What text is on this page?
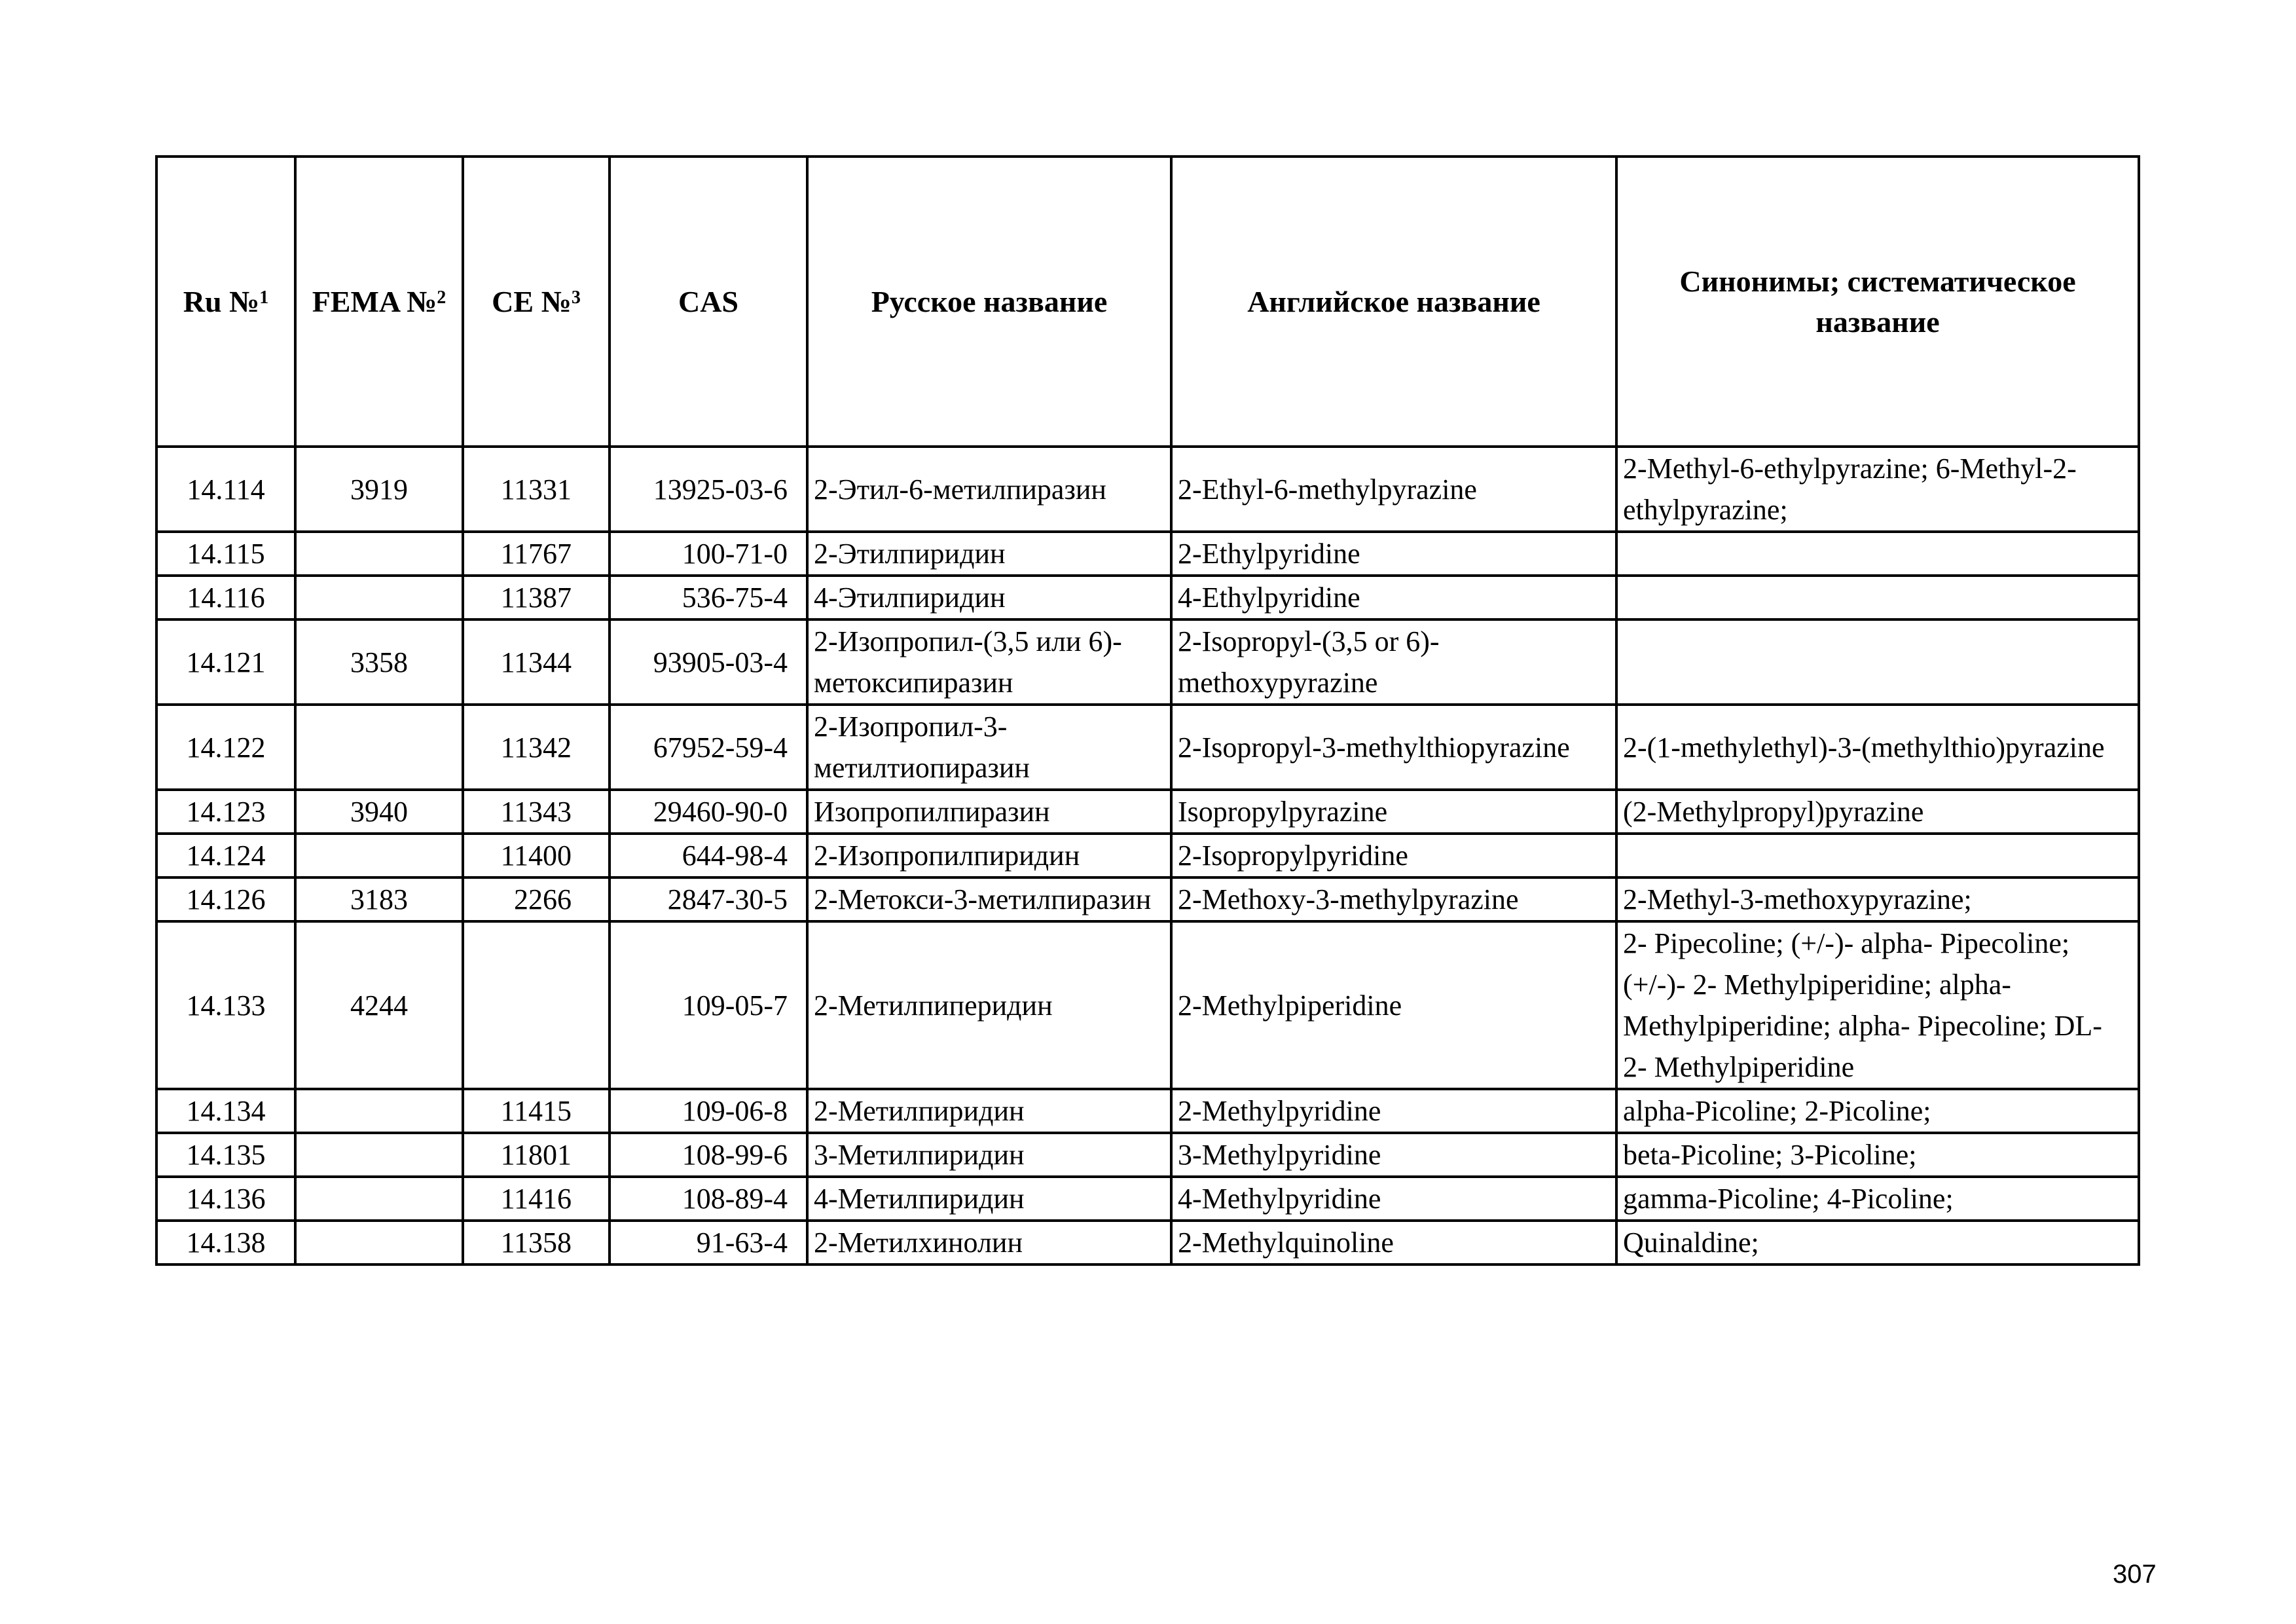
Ru №$^1$	FEMA №$^2$	CE №$^3$	CAS	Русское название	Английское название	Синонимы; систематическое название
14.114	3919	11331	13925-03-6	2-Этил-6-метилпиразин	2-Ethyl-6-methylpyrazine	2-Methyl-6-ethylpyrazine; 6-Methyl-2-ethylpyrazine;
14.115		11767	100-71-0	2-Этилпиридин	2-Ethylpyridine	
14.116		11387	536-75-4	4-Этилпиридин	4-Ethylpyridine	
14.121	3358	11344	93905-03-4	2-Изопропил-(3,5 или 6)-метоксипиразин	2-Isopropyl-(3,5 or 6)-methoxypyrazine	
14.122		11342	67952-59-4	2-Изопропил-3-метилтиопиразин	2-Isopropyl-3-methylthiopyrazine	2-(1-methylethyl)-3-(methylthio)pyrazine
14.123	3940	11343	29460-90-0	Изопропилпиразин	Isopropylpyrazine	(2-Methylpropyl)pyrazine
14.124		11400	644-98-4	2-Изопропилпиридин	2-Isopropylpyridine	
14.126	3183	2266	2847-30-5	2-Метокси-3-метилпиразин	2-Methoxy-3-methylpyrazine	2-Methyl-3-methoxypyrazine;
14.133	4244		109-05-7	2-Метилпиперидин	2-Methylpiperidine	2- Pipecoline; (+/-)- alpha- Pipecoline; (+/-)- 2- Methylpiperidine; alpha-Methylpiperidine; alpha- Pipecoline; DL- 2- Methylpiperidine
14.134		11415	109-06-8	2-Метилпиридин	2-Methylpyridine	alpha-Picoline; 2-Picoline;
14.135		11801	108-99-6	3-Метилпиридин	3-Methylpyridine	beta-Picoline; 3-Picoline;
14.136		11416	108-89-4	4-Метилпиридин	4-Methylpyridine	gamma-Picoline; 4-Picoline;
14.138		11358	91-63-4	2-Метилхинолин	2-Methylquinoline	Quinaldine;
307
